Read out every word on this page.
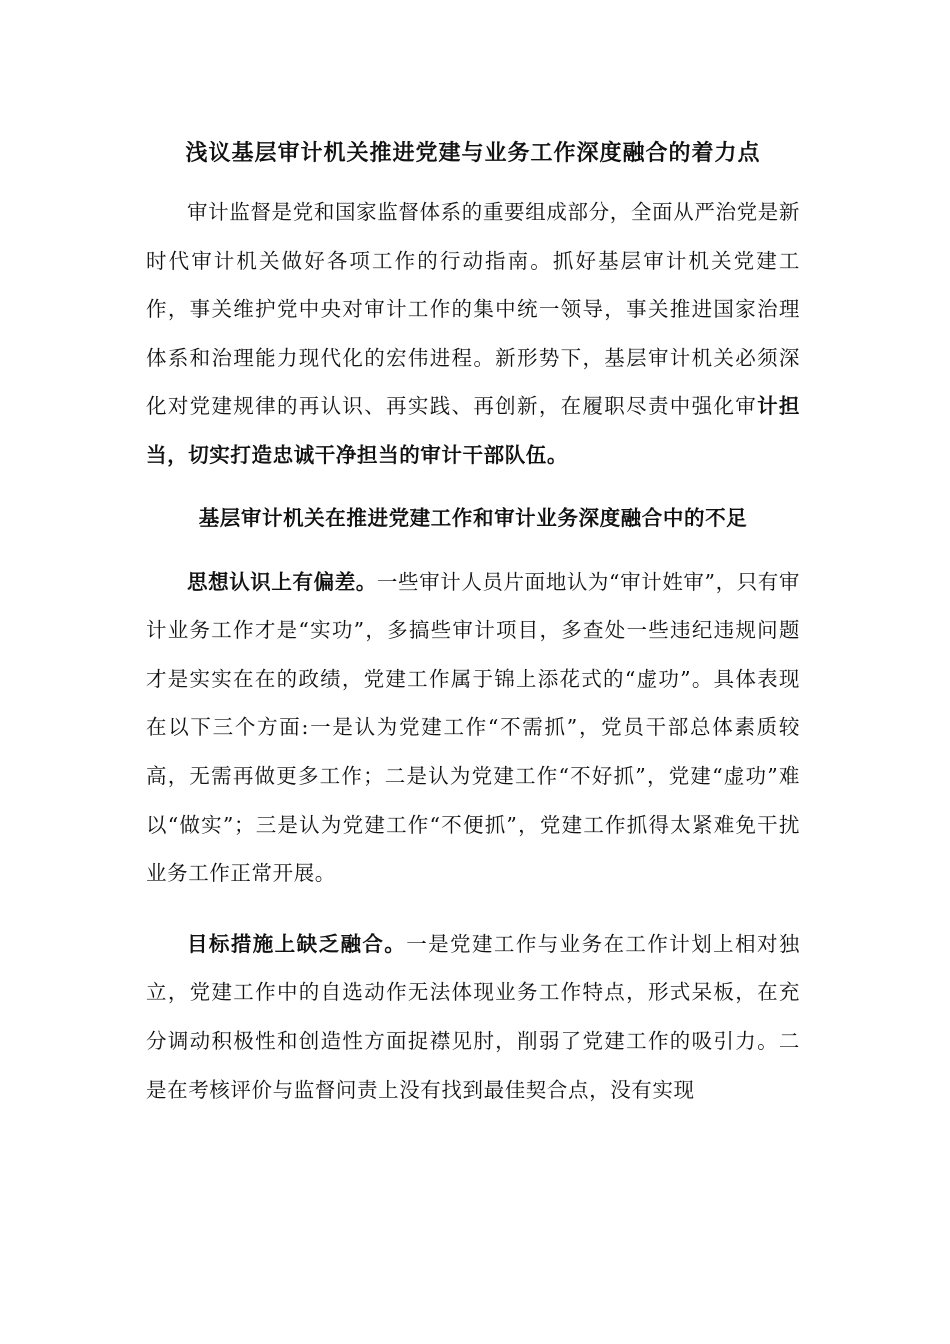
浅议基层审计机关推进党建与业务工作深度融合的着力点

审计监督是党和国家监督体系的重要组成部分，全面从严治党是新时代审计机关做好各项工作的行动指南。抓好基层审计机关党建工作，事关维护党中央对审计工作的集中统一领导，事关推进国家治理体系和治理能力现代化的宏伟进程。新形势下，基层审计机关必须深化对党建规律的再认识、再实践、再创新，在履职尽责中强化审计担当，切实打造忠诚干净担当的审计干部队伍。

基层审计机关在推进党建工作和审计业务深度融合中的不足

思想认识上有偏差。一些审计人员片面地认为“审计姓审”，只有审计业务工作才是“实功”，多搞些审计项目，多查处一些违纪违规问题才是实实在在的政绩，党建工作属于锦上添花式的“虚功”。具体表现在以下三个方面:一是认为党建工作“不需抓”，党员干部总体素质较高，无需再做更多工作；二是认为党建工作“不好抓”，党建“虚功”难以“做实”；三是认为党建工作“不便抓”，党建工作抓得太紧难免干扰业务工作正常开展。

目标措施上缺乏融合。一是党建工作与业务在工作计划上相对独立，党建工作中的自选动作无法体现业务工作特点，形式呆板，在充分调动积极性和创造性方面捉襟见肘，削弱了党建工作的吸引力。二是在考核评价与监督问责上没有找到最佳契合点，没有实现
